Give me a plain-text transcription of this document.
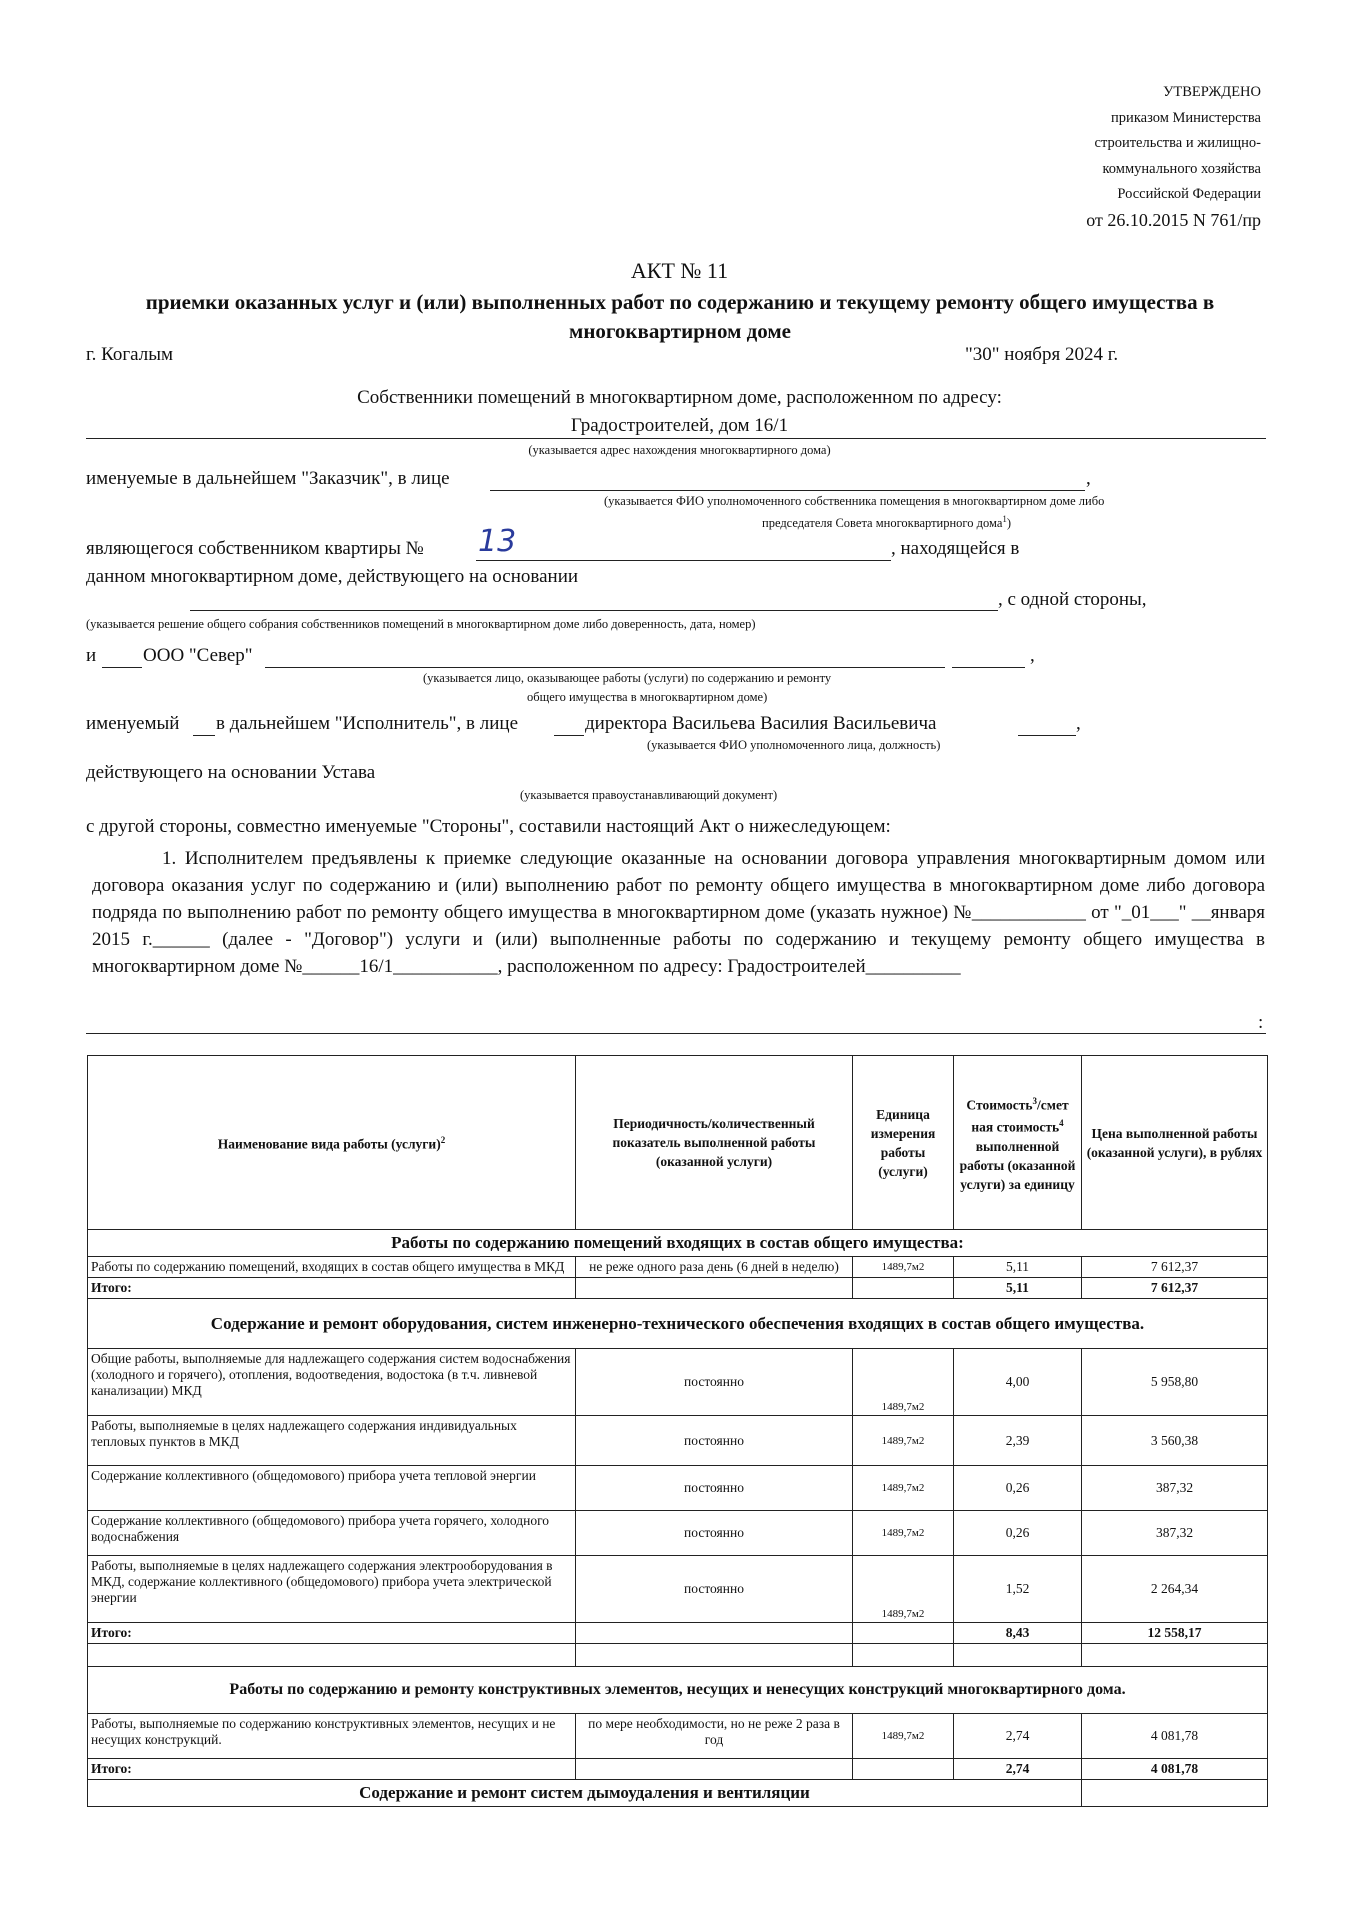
УТВЕРЖДЕНО
приказом Министерства
строительства и жилищно-
коммунального хозяйства
Российской Федерации
от 26.10.2015 N 761/пр
АКТ № 11
приемки оказанных услуг и (или) выполненных работ по содержанию и текущему ремонту общего имущества в многоквартирном доме
г. Когалым	"30" ноября 2024 г.
Собственники помещений в многоквартирном доме, расположенном по адресу:
Градостроителей, дом 16/1
(указывается адрес нахождения многоквартирного дома)
именуемые в дальнейшем "Заказчик", в лице	,
(указывается ФИО уполномоченного собственника помещения в многоквартирном доме либо
председателя Совета многоквартирного дома$^1$)
являющегося собственником квартиры № 13	, находящейся в
данном многоквартирном доме, действующего на основании
, с одной стороны,
(указывается решение общего собрания собственников помещений в многоквартирном доме либо доверенность, дата, номер)
и ООО "Север"	,
(указывается лицо, оказывающее работы (услуги) по содержанию и ремонту
общего имущества в многоквартирном доме)
именуемый в дальнейшем "Исполнитель", в лице	директора Васильева Василия Васильевича	,
(указывается ФИО уполномоченного лица, должность)
действующего на основании Устава
(указывается правоустанавливающий документ)
с другой стороны, совместно именуемые "Стороны", составили настоящий Акт о нижеследующем:
1. Исполнителем предъявлены к приемке следующие оказанные на основании договора управления многоквартирным домом или договора оказания услуг по содержанию и (или) выполнению работ по ремонту общего имущества в многоквартирном доме либо договора подряда по выполнению работ по ремонту общего имущества в многоквартирном доме (указать нужное) №____________ от "_01___" __января 2015 г.______ (далее - "Договор") услуги и (или) выполненные работы по содержанию и текущему ремонту общего имущества в многоквартирном доме №______16/1___________, расположенном по адресу: Градостроителей__________
:
Наименование вида работы (услуги)$^2$	Периодичность/количественный показатель выполненной работы (оказанной услуги)	Единица измерения работы (услуги)	Стоимость$^3$/смет ная стоимость$^4$ выполненной работы (оказанной услуги) за единицу	Цена выполненной работы (оказанной услуги), в рублях
Работы по содержанию помещений входящих в состав общего имущества:				
Работы по содержанию помещений, входящих в состав общего имущества в МКД	не реже одного раза день (6 дней в неделю)	1489,7м2	5,11	7 612,37
Итого:			5,11	7 612,37
Содержание и ремонт оборудования, систем инженерно-технического обеспечения входящих в состав общего имущества.				
Общие работы, выполняемые для надлежащего содержания систем водоснабжения (холодного и горячего), отопления, водоотведения, водостока (в т.ч. ливневой канализации) МКД	постоянно	1489,7м2	4,00	5 958,80
Работы, выполняемые в целях надлежащего содержания индивидуальных тепловых пунктов в МКД	постоянно	1489,7м2	2,39	3 560,38
Содержание коллективного (общедомового) прибора учета тепловой энергии	постоянно	1489,7м2	0,26	387,32
Содержание коллективного (общедомового) прибора учета горячего, холодного водоснабжения	постоянно	1489,7м2	0,26	387,32
Работы, выполняемые в целях надлежащего содержания электрооборудования в МКД, содержание коллективного (общедомового) прибора учета электрической энергии	постоянно	1489,7м2	1,52	2 264,34
Итого:			8,43	12 558,17

Работы по содержанию и ремонту конструктивных элементов, несущих и ненесущих конструкций многоквартирного дома.				
Работы, выполняемые по содержанию конструктивных элементов, несущих и не несущих конструкций.	по мере необходимости, но не реже 2 раза в год	1489,7м2	2,74	4 081,78
Итого:			2,74	4 081,78
Содержание и ремонт систем дымоудаления и вентиляции				
